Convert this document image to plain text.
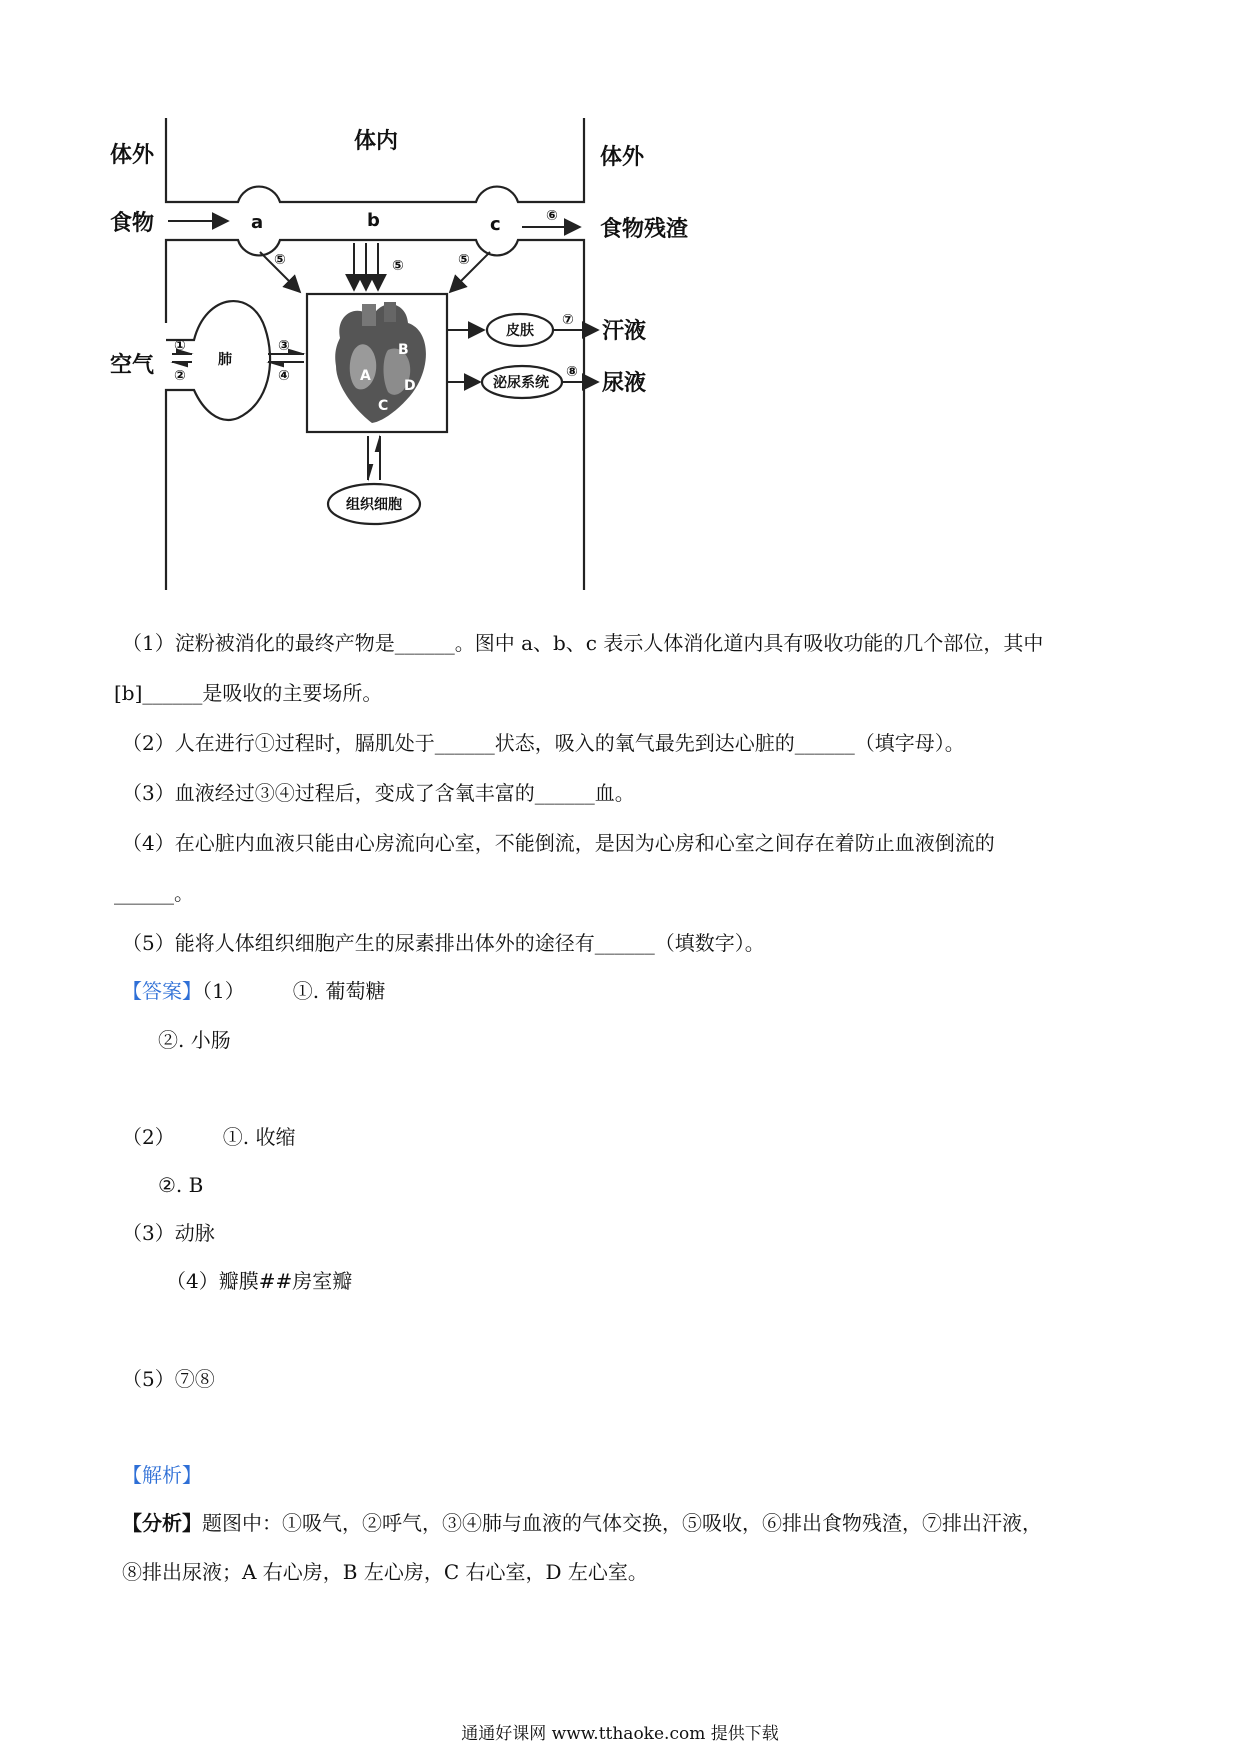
体外
体内
体外
食物	食物残渣
空气
汗液
尿液
a	b	c
肺
皮肤
泌尿系统
组织细胞
A
B
C
D
①
②
③
④
⑤	⑤	⑤
⑥
⑦
⑧
（1）淀粉被消化的最终产物是______。图中 a、b、c 表示人体消化道内具有吸收功能的几个部位，其中
[b]______是吸收的主要场所。
（2）人在进行①过程时，膈肌处于______状态，吸入的氧气最先到达心脏的______（填字母）。
（3）血液经过③④过程后，变成了含氧丰富的______血。
（4）在心脏内血液只能由心房流向心室，不能倒流，是因为心房和心室之间存在着防止血液倒流的
______。
（5）能将人体组织细胞产生的尿素排出体外的途径有______（填数字）。
【答案】（1） ①. 葡萄糖
②. 小肠
（2） ①. 收缩
②. B
（3）动脉
（4）瓣膜##房室瓣
（5）⑦⑧
【解析】
【分析】题图中：①吸气，②呼气，③④肺与血液的气体交换，⑤吸收，⑥排出食物残渣，⑦排出汗液，
⑧排出尿液；A 右心房，B 左心房，C 右心室，D 左心室。
通通好课网 www.tthaoke.com 提供下载
